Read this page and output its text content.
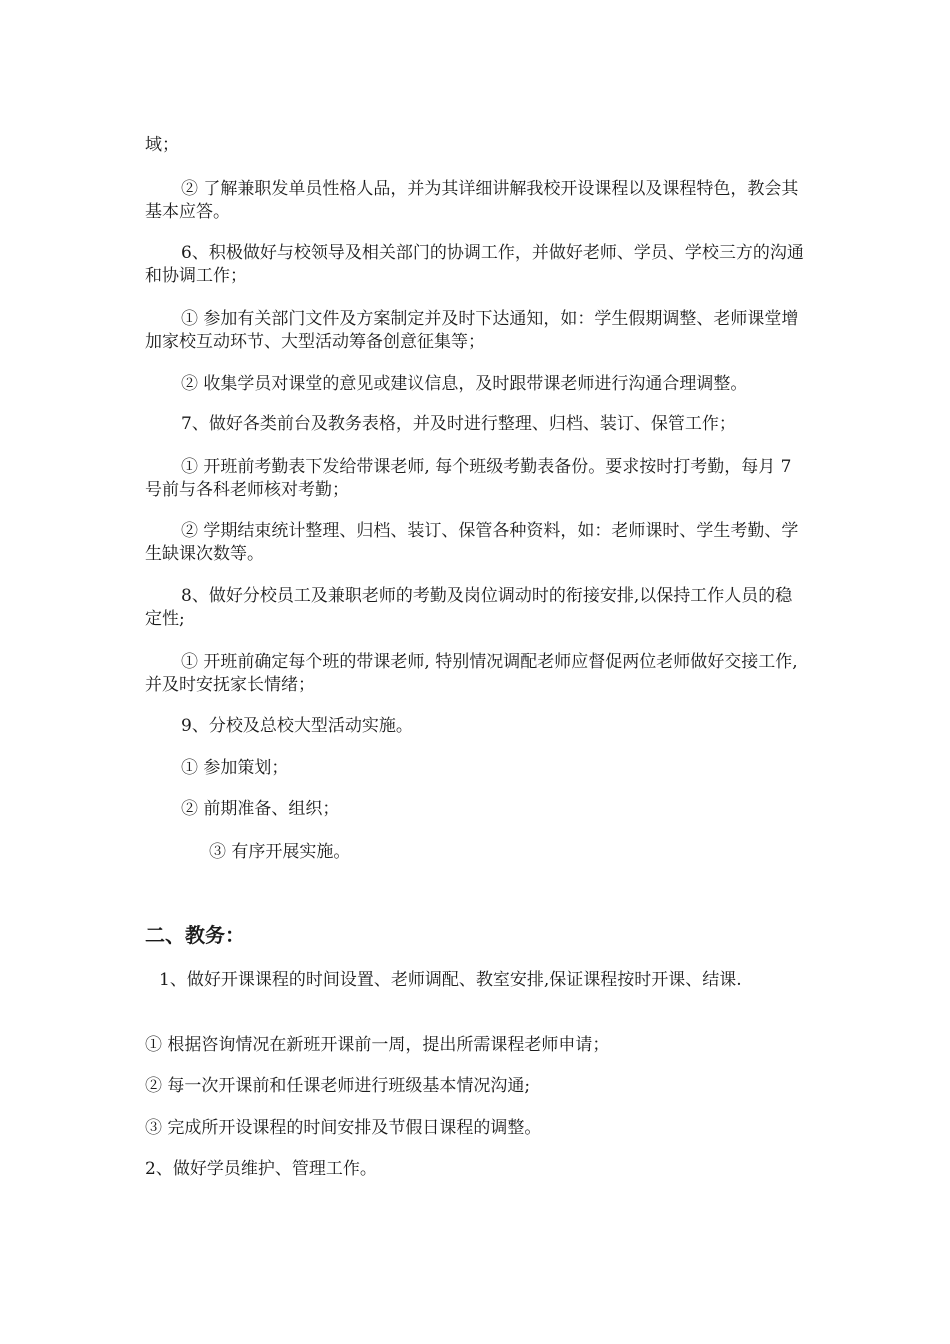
域；

② 了解兼职发单员性格人品，并为其详细讲解我校开设课程以及课程特色，教会其基本应答。

6、积极做好与校领导及相关部门的协调工作，并做好老师、学员、学校三方的沟通和协调工作；

① 参加有关部门文件及方案制定并及时下达通知，如：学生假期调整、老师课堂增加家校互动环节、大型活动筹备创意征集等；

② 收集学员对课堂的意见或建议信息，及时跟带课老师进行沟通合理调整。

7、做好各类前台及教务表格，并及时进行整理、归档、装订、保管工作；

① 开班前考勤表下发给带课老师, 每个班级考勤表备份。要求按时打考勤，每月 7 号前与各科老师核对考勤；

② 学期结束统计整理、归档、装订、保管各种资料，如：老师课时、学生考勤、学生缺课次数等。

8、做好分校员工及兼职老师的考勤及岗位调动时的衔接安排,以保持工作人员的稳定性;

① 开班前确定每个班的带课老师, 特别情况调配老师应督促两位老师做好交接工作, 并及时安抚家长情绪；

9、分校及总校大型活动实施。

① 参加策划；

② 前期准备、组织；

③ 有序开展实施。

二、教务：

1、做好开课课程的时间设置、老师调配、教室安排,保证课程按时开课、结课.

① 根据咨询情况在新班开课前一周，提出所需课程老师申请；

② 每一次开课前和任课老师进行班级基本情况沟通;

③ 完成所开设课程的时间安排及节假日课程的调整。

2、做好学员维护、管理工作。
